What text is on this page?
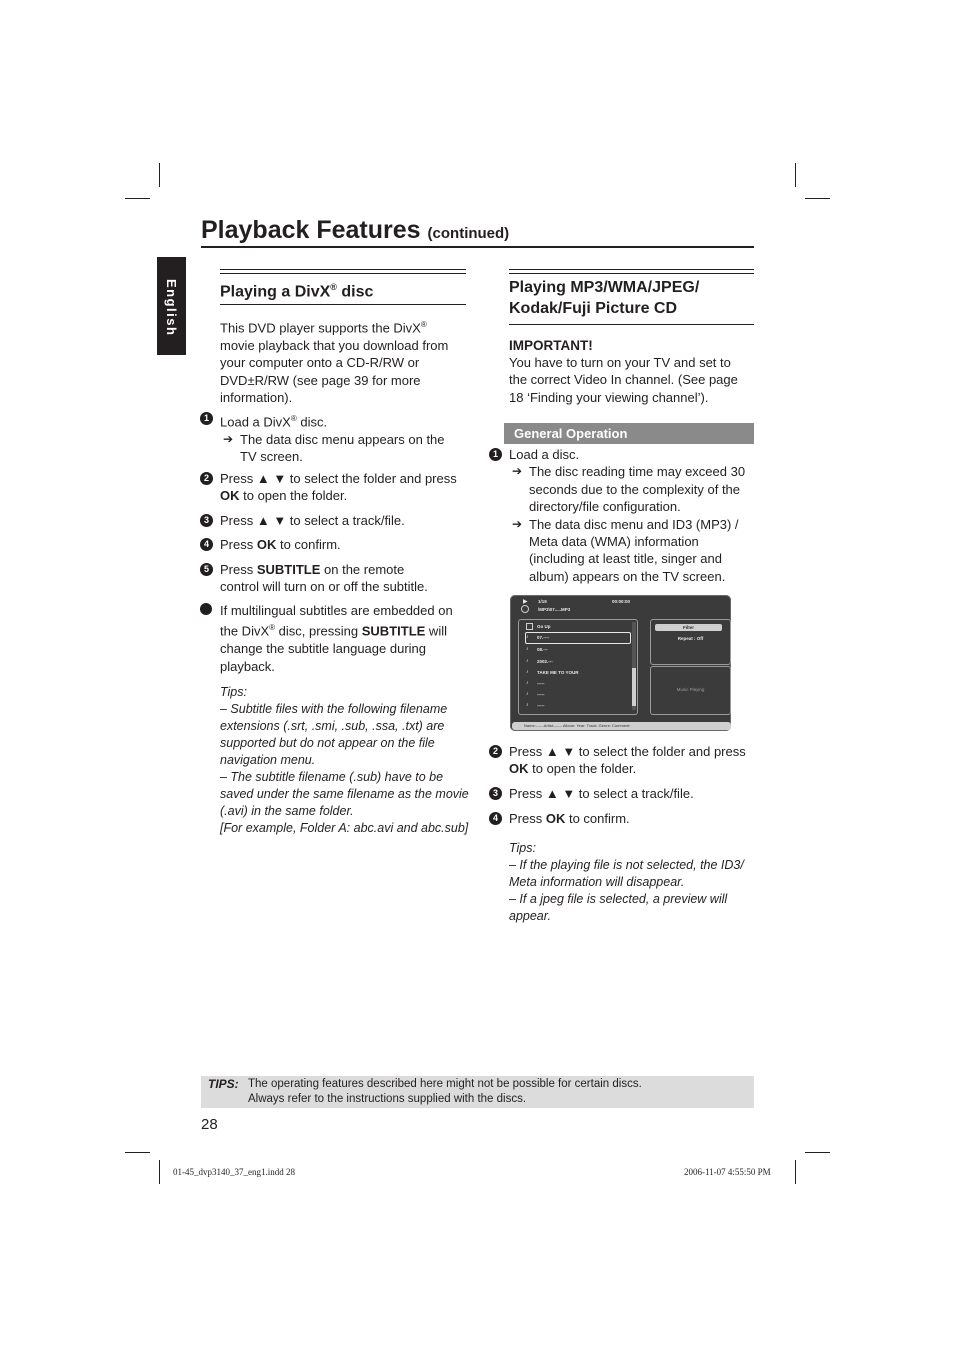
Playback Features (continued)
English	Playing a DivX® disc
This DVD player supports the DivX®
movie playback that you download from
your computer onto a CD-R/RW or
DVD±R/RW (see page 39 for more
information).
1 Load a DivX® disc.
➔ The data disc menu appears on the
TV screen.
2 Press ▲ ▼ to select the folder and press
OK to open the folder.
3 Press ▲ ▼ to select a track/file.
4 Press OK to confirm.
5 Press SUBTITLE on the remote
control will turn on or off the subtitle.
If multilingual subtitles are embedded on
the DivX® disc, pressing SUBTITLE will
change the subtitle language during
playback.
Tips:
– Subtitle files with the following filename
extensions (.srt, .smi, .sub, .ssa, .txt) are
supported but do not appear on the file
navigation menu.
– The subtitle filename (.sub) have to be
saved under the same filename as the movie
(.avi) in the same folder.
[For example, Folder A: abc.avi and abc.sub]
Playing MP3/WMA/JPEG/
Kodak/Fuji Picture CD
IMPORTANT!
You have to turn on your TV and set to
the correct Video In channel. (See page
18 ‘Finding your viewing channel’).
General Operation
1 Load a disc.
➔ The disc reading time may exceed 30
seconds due to the complexity of the
directory/file configuration.
➔ The data disc menu and ID3 (MP3) /
Meta data (WMA) information
(including at least title, singer and
album) appears on the TV screen.
▶ 1/19	00:00:00
\MP3\07.....MP3
Go Up
♪	07.----
♪	08.---
♪	2002.---
♪	TAKE ME TO YOUR
♪	-----
♪	-----
♪	-----
Filter
Repeat : Off
Music Playing
Name:------Artist:------ Album: Year: Track: Genre: Comment:
2 Press ▲ ▼ to select the folder and press
OK to open the folder.
3 Press ▲ ▼ to select a track/file.
4 Press OK to confirm.
Tips:
– If the playing file is not selected, the ID3/
Meta information will disappear.
– If a jpeg file is selected, a preview will
appear.
TIPS: The operating features described here might not be possible for certain discs.
Always refer to the instructions supplied with the discs.
28
01-45_dvp3140_37_eng1.indd 28	2006-11-07 4:55:50 PM
